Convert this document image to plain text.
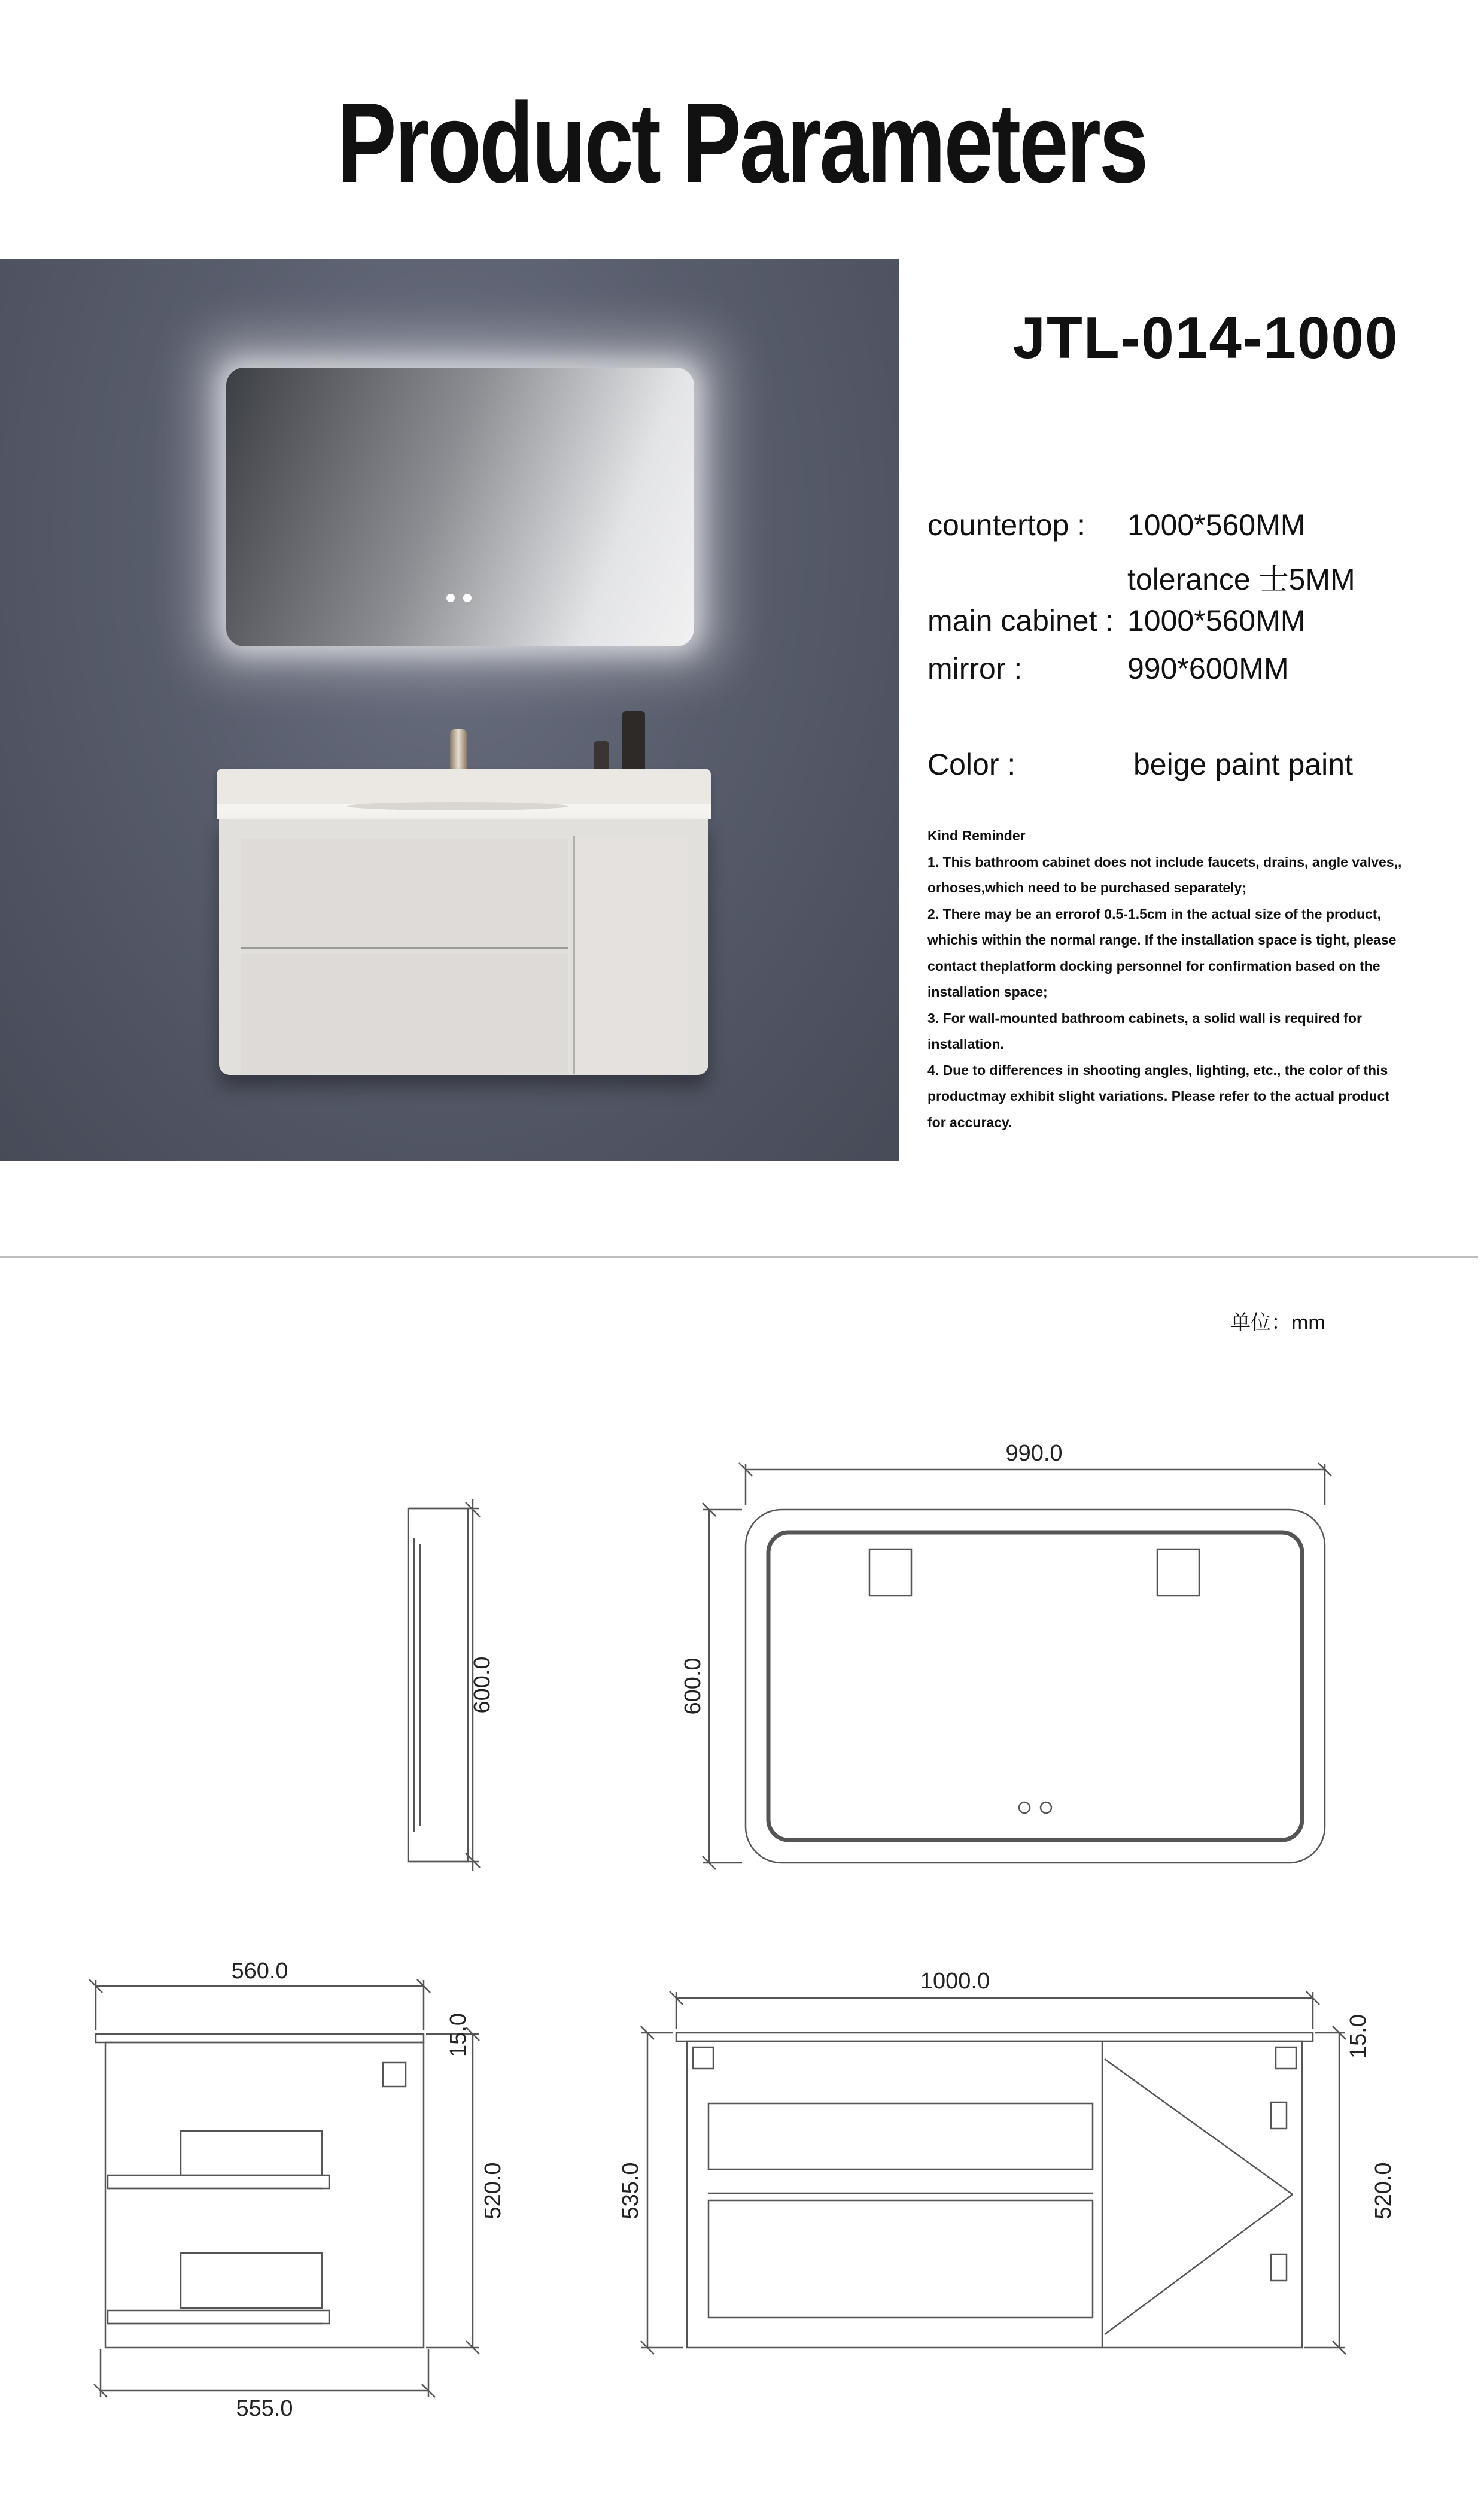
Product Parameters
JTL-014-1000
countertop : 1000*560MM
tolerance 士5MM
main cabinet : 1000*560MM
mirror :	990*600MM
Color :	beige paint paint
Kind Reminder
1. This bathroom cabinet does not include faucets, drains, angle valves,,
orhoses,which need to be purchased separately;
2. There may be an errorof 0.5-1.5cm in the actual size of the product,
whichis within the normal range. If the installation space is tight, please
contact theplatform docking personnel for confirmation based on the
installation space;
3. For wall-mounted bathroom cabinets, a solid wall is required for
installation.
4. Due to differences in shooting angles, lighting, etc., the color of this
productmay exhibit slight variations. Please refer to the actual product
for accuracy.
单位：mm
600.0
990.0
600.0
560.0
15.0
520.0
555.0
1000.0
15.0
535.0	520.0
